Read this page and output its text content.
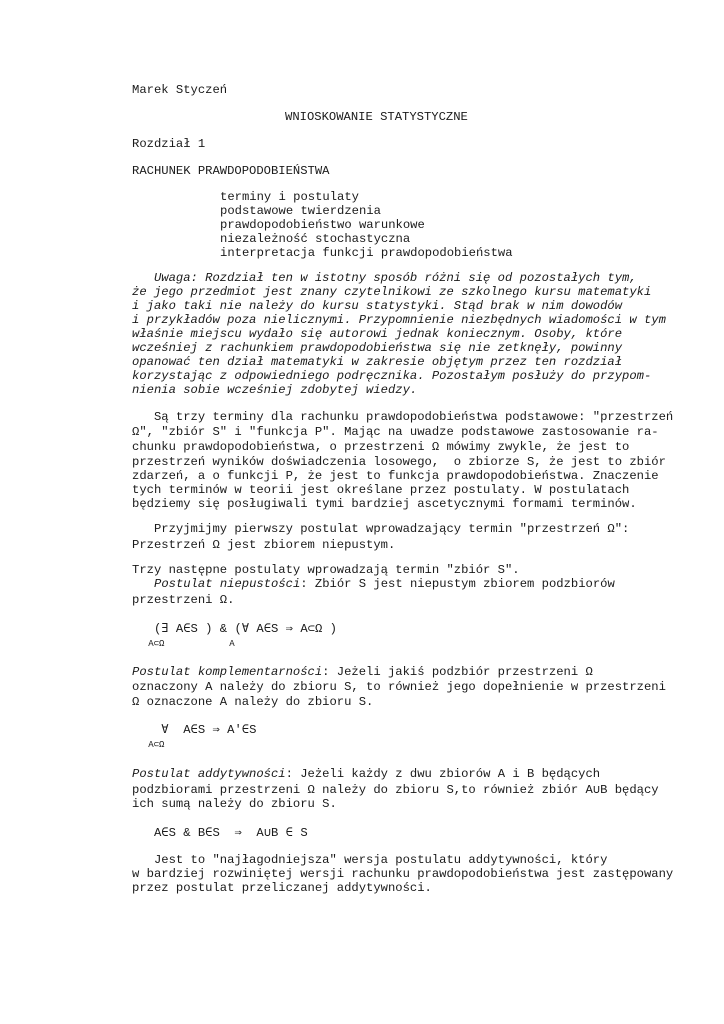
Marek Styczeń
WNIOSKOWANIE STATYSTYCZNE
Rozdział 1
RACHUNEK PRAWDOPODOBIEŃSTWA
terminy i postulaty
podstawowe twierdzenia
prawdopodobieństwo warunkowe
niezależność stochastyczna
interpretacja funkcji prawdopodobieństwa
Uwaga: Rozdział ten w istotny sposób różni się od pozostałych tym,
że jego przedmiot jest znany czytelnikowi ze szkolnego kursu matematyki
i jako taki nie należy do kursu statystyki. Stąd brak w nim dowodów
i przykładów poza nielicznymi. Przypomnienie niezbędnych wiadomości w tym
właśnie miejscu wydało się autorowi jednak koniecznym. Osoby, które
wcześniej z rachunkiem prawdopodobieństwa się nie zetknęły, powinny
opanować ten dział matematyki w zakresie objętym przez ten rozdział
korzystając z odpowiedniego podręcznika. Pozostałym posłuży do przypom-
nienia sobie wcześniej zdobytej wiedzy.
Są trzy terminy dla rachunku prawdopodobieństwa podstawowe: "przestrzeń
Ω", "zbiór S" i "funkcja P". Mając na uwadze podstawowe zastosowanie ra-
chunku prawdopodobieństwa, o przestrzeni Ω mówimy zwykle, że jest to
przestrzeń wyników doświadczenia losowego,  o zbiorze S, że jest to zbiór
zdarzeń, a o funkcji P, że jest to funkcja prawdopodobieństwa. Znaczenie
tych terminów w teorii jest określane przez postulaty. W postulatach
będziemy się posługiwali tymi bardziej ascetycznymi formami terminów.
Przyjmijmy pierwszy postulat wprowadzający termin "przestrzeń Ω":
Przestrzeń Ω jest zbiorem niepustym.
Trzy następne postulaty wprowadzają termin "zbiór S".
Postulat niepustości: Zbiór S jest niepustym zbiorem podzbiorów
przestrzeni Ω.
(∃ A∈S ) & (∀ A∈S ⇒ A⊂Ω )
A⊂Ω            A
Postulat komplementarności: Jeżeli jakiś podzbiór przestrzeni Ω
oznaczony A należy do zbioru S, to również jego dopełnienie w przestrzeni
Ω oznaczone A należy do zbioru S.
∀  A∈S ⇒ A'∈S
A⊂Ω
Postulat addytywności: Jeżeli każdy z dwu zbiorów A i B będących
podzbiorami przestrzeni Ω należy do zbioru S,to również zbiór A∪B będący
ich sumą należy do zbioru S.
A∈S & B∈S  ⇒  A∪B ∈ S
Jest to "najłagodniejsza" wersja postulatu addytywności, który
w bardziej rozwiniętej wersji rachunku prawdopodobieństwa jest zastępowany
przez postulat przeliczanej addytywności.
